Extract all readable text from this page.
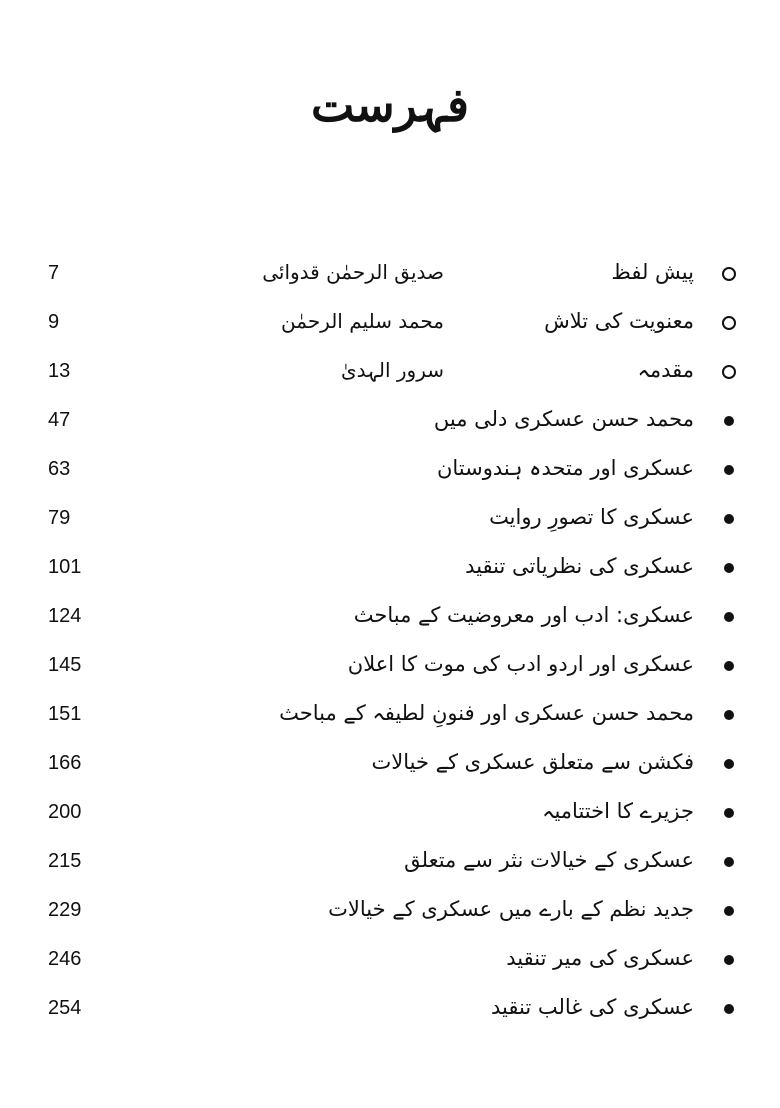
فہرست
پیش لفظ
صدیق الرحمٰن قدوائی
7
معنویت کی تلاش
محمد سلیم الرحمٰن
9
مقدمہ
سرور الہدیٰ
13
محمد حسن عسکری دلی میں
47
عسکری اور متحدہ ہندوستان
63
عسکری کا تصورِ روایت
79
عسکری کی نظریاتی تنقید
101
عسکری: ادب اور معروضیت کے مباحث
124
عسکری اور اردو ادب کی موت کا اعلان
145
محمد حسن عسکری اور فنونِ لطیفہ کے مباحث
151
فکشن سے متعلق عسکری کے خیالات
166
جزیرے کا اختتامیہ
200
عسکری کے خیالات نثر سے متعلق
215
جدید نظم کے بارے میں عسکری کے خیالات
229
عسکری کی میر تنقید
246
عسکری کی غالب تنقید
254
